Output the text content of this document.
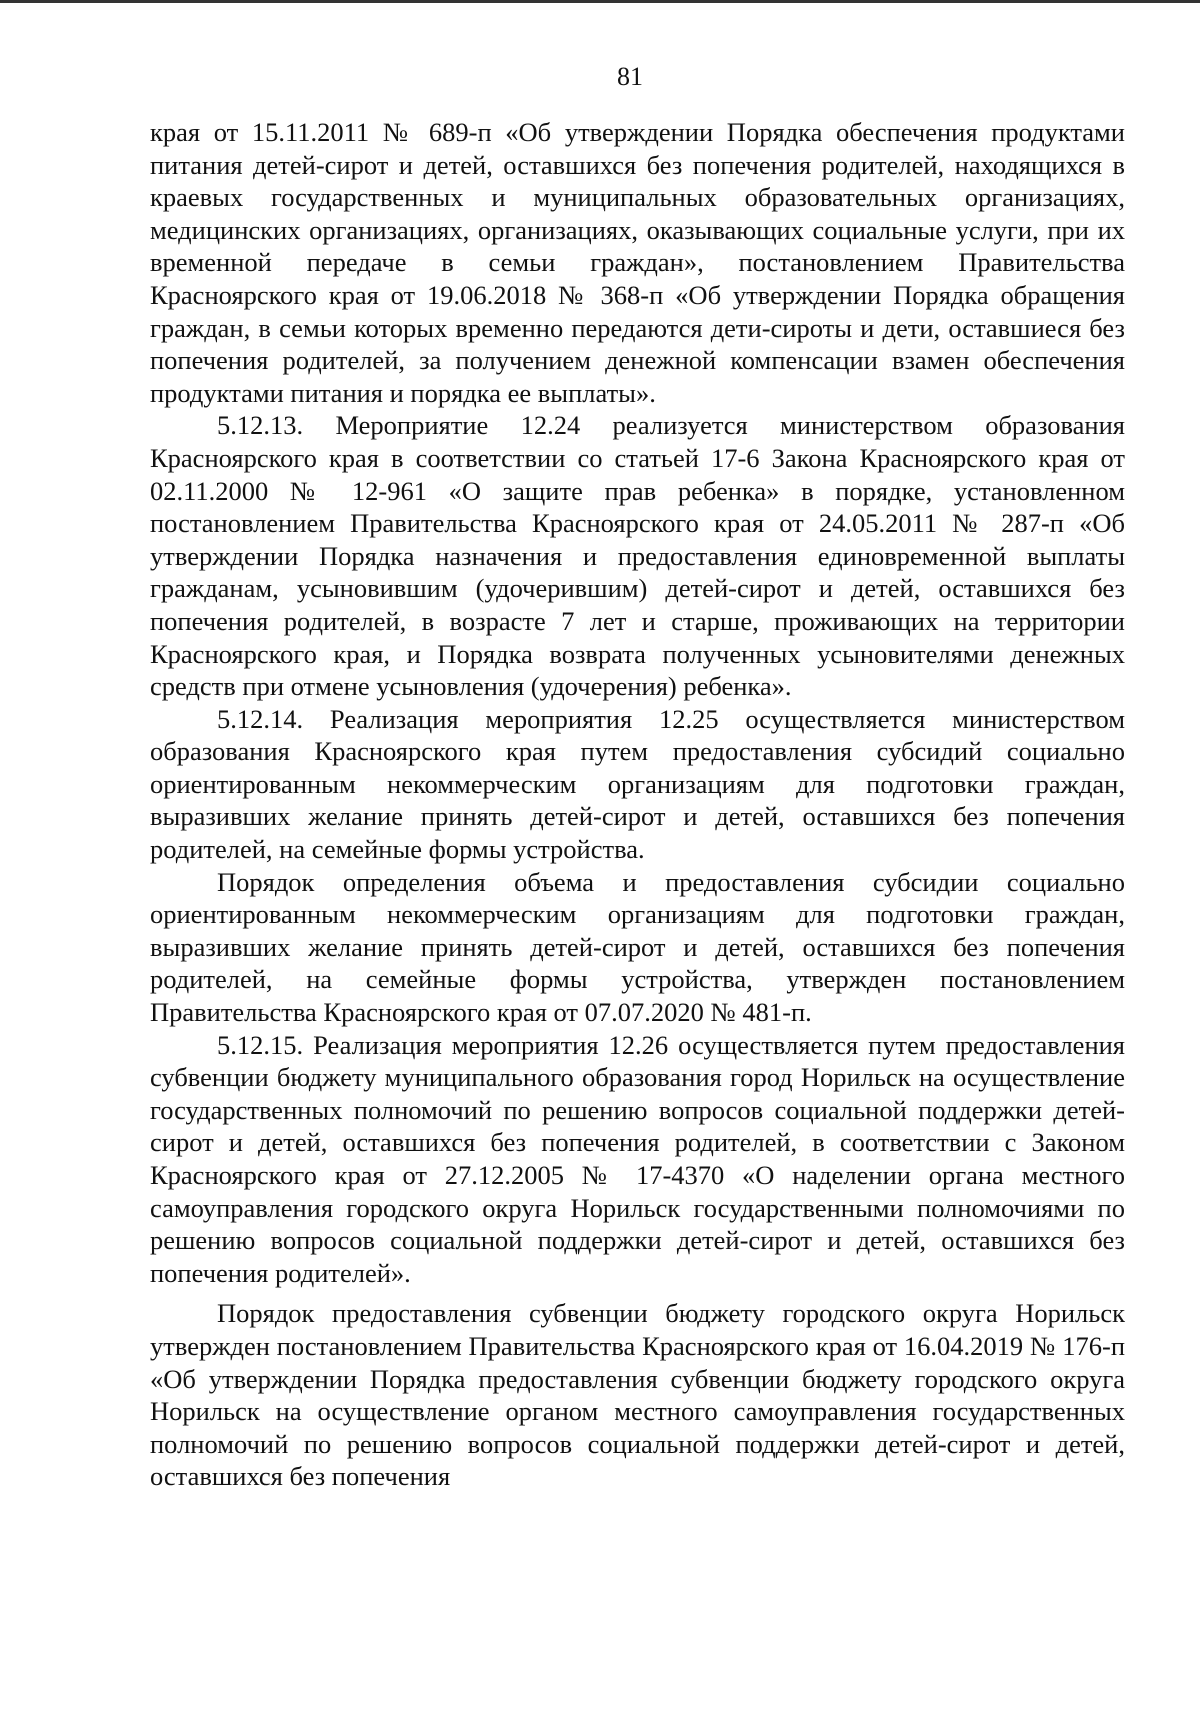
81

края от 15.11.2011 № 689-п «Об утверждении Порядка обеспечения продуктами питания детей-сирот и детей, оставшихся без попечения родителей, находящихся в краевых государственных и муниципальных образовательных организациях, медицинских организациях, организациях, оказывающих социальные услуги, при их временной передаче в семьи граждан», постановлением Правительства Красноярского края от 19.06.2018 № 368-п «Об утверждении Порядка обращения граждан, в семьи которых временно передаются дети-сироты и дети, оставшиеся без попечения родителей, за получением денежной компенсации взамен обеспечения продуктами питания и порядка ее выплаты».

5.12.13. Мероприятие 12.24 реализуется министерством образования Красноярского края в соответствии со статьей 17-6 Закона Красноярского края от 02.11.2000 № 12-961 «О защите прав ребенка» в порядке, установленном постановлением Правительства Красноярского края от 24.05.2011 № 287-п «Об утверждении Порядка назначения и предоставления единовременной выплаты гражданам, усыновившим (удочерившим) детей-сирот и детей, оставшихся без попечения родителей, в возрасте 7 лет и старше, проживающих на территории Красноярского края, и Порядка возврата полученных усыновителями денежных средств при отмене усыновления (удочерения) ребенка».

5.12.14. Реализация мероприятия 12.25 осуществляется министерством образования Красноярского края путем предоставления субсидий социально ориентированным некоммерческим организациям для подготовки граждан, выразивших желание принять детей-сирот и детей, оставшихся без попечения родителей, на семейные формы устройства.

Порядок определения объема и предоставления субсидии социально ориентированным некоммерческим организациям для подготовки граждан, выразивших желание принять детей-сирот и детей, оставшихся без попечения родителей, на семейные формы устройства, утвержден постановлением Правительства Красноярского края от 07.07.2020 № 481-п.

5.12.15. Реализация мероприятия 12.26 осуществляется путем предоставления субвенции бюджету муниципального образования город Норильск на осуществление государственных полномочий по решению вопросов социальной поддержки детей-сирот и детей, оставшихся без попечения родителей, в соответствии с Законом Красноярского края от 27.12.2005 № 17-4370 «О наделении органа местного самоуправления городского округа Норильск государственными полномочиями по решению вопросов социальной поддержки детей-сирот и детей, оставшихся без попечения родителей».

Порядок предоставления субвенции бюджету городского округа Норильск утвержден постановлением Правительства Красноярского края от 16.04.2019 № 176-п «Об утверждении Порядка предоставления субвенции бюджету городского округа Норильск на осуществление органом местного самоуправления государственных полномочий по решению вопросов социальной поддержки детей-сирот и детей, оставшихся без попечения
